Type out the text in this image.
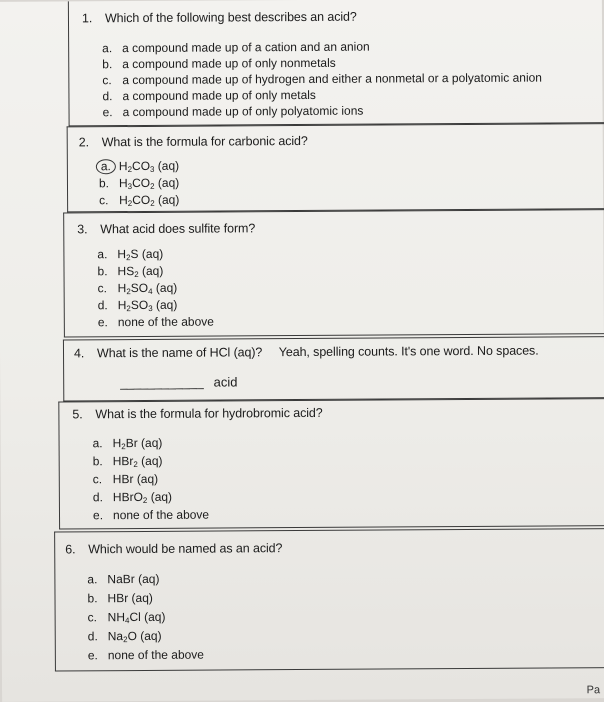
1. Which of the following best describes an acid?
a. a compound made up of a cation and an anion
b. a compound made up of only nonmetals
c. a compound made up of hydrogen and either a nonmetal or a polyatomic anion
d. a compound made up of only metals
e. a compound made up of only polyatomic ions
2. What is the formula for carbonic acid?
a. $H_2CO_3$ (aq)
b. $H_3CO_2$ (aq)
c. $H_2CO_2$ (aq)
3. What acid does sulfite form?
a. $H_2S$ (aq)
b. $HS_2$ (aq)
c. $H_2SO_4$ (aq)
d. $H_2SO_3$ (aq)
e. none of the above
4. What is the name of HCl (aq)? Yeah, spelling counts. It's one word. No spaces.
____________ acid
5. What is the formula for hydrobromic acid?
a. $H_2Br$ (aq)
b. HBr$_2$ (aq)
c. HBr (aq)
d. HBrO$_2$ (aq)
e. none of the above
6. Which would be named as an acid?
a. NaBr (aq)
b. HBr (aq)
c. $NH_4Cl$ (aq)
d. $Na_2O$ (aq)
e. none of the above
Pa
